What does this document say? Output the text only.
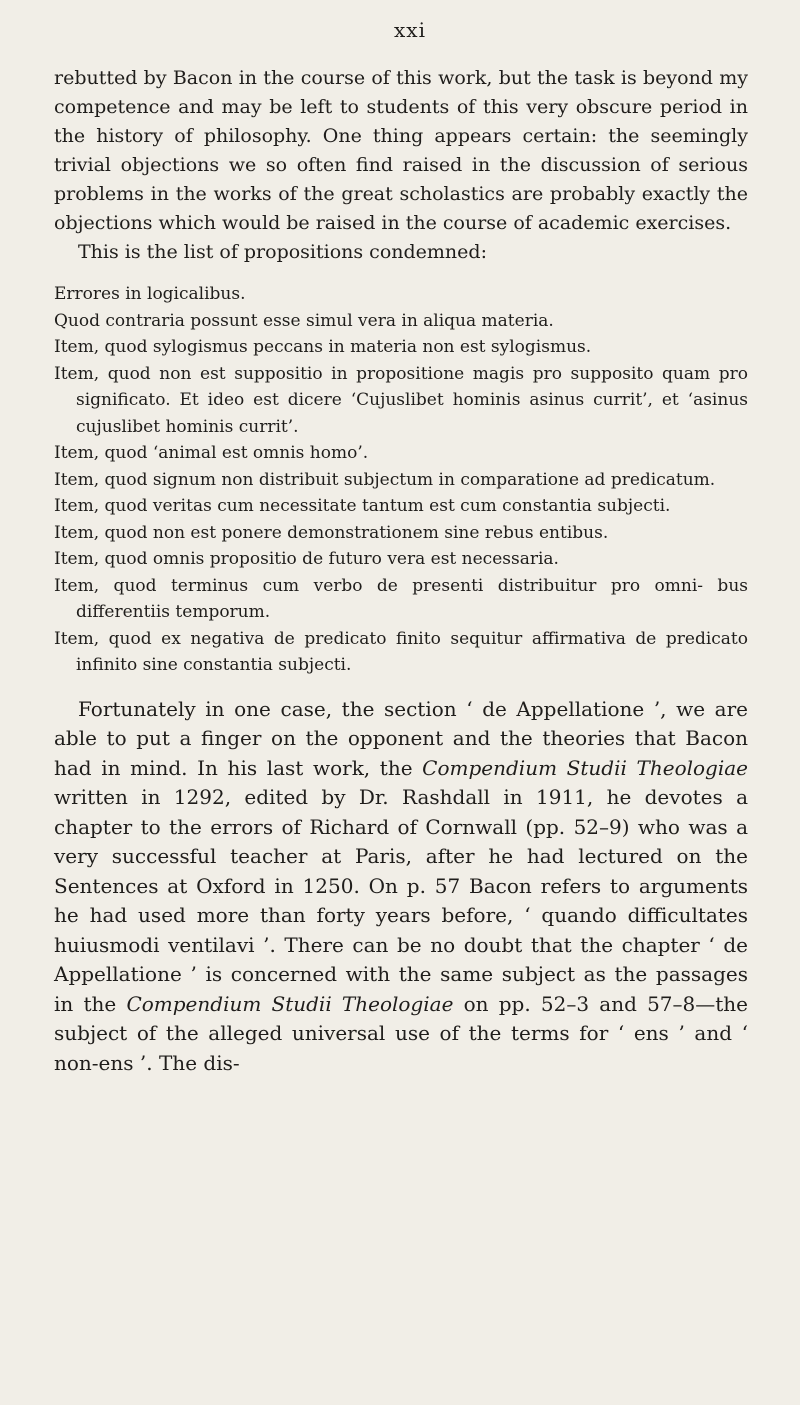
xxi

rebutted by Bacon in the course of this work, but the task is beyond my competence and may be left to students of this very obscure period in the history of philosophy. One thing appears certain: the seemingly trivial objections we so often find raised in the discussion of serious problems in the works of the great scholastics are probably exactly the objections which would be raised in the course of academic exercises.

This is the list of propositions condemned:

Errores in logicalibus.
Quod contraria possunt esse simul vera in aliqua materia.
Item, quod sylogismus peccans in materia non est sylogismus.
Item, quod non est suppositio in propositione magis pro supposito quam pro significato. Et ideo est dicere ‘Cujuslibet hominis asinus currit’, et ‘asinus cujuslibet hominis currit’.
Item, quod ‘animal est omnis homo’.
Item, quod signum non distribuit subjectum in comparatione ad predicatum.
Item, quod veritas cum necessitate tantum est cum constantia subjecti.
Item, quod non est ponere demonstrationem sine rebus entibus.
Item, quod omnis propositio de futuro vera est necessaria.
Item, quod terminus cum verbo de presenti distribuitur pro omni- bus differentiis temporum.
Item, quod ex negativa de predicato finito sequitur affirmativa de predicato infinito sine constantia subjecti.

Fortunately in one case, the section ‘ de Appellatione ’, we are able to put a finger on the opponent and the theories that Bacon had in mind. In his last work, the Compendium Studii Theologiae written in 1292, edited by Dr. Rashdall in 1911, he devotes a chapter to the errors of Richard of Cornwall (pp. 52–9) who was a very successful teacher at Paris, after he had lectured on the Sentences at Oxford in 1250. On p. 57 Bacon refers to arguments he had used more than forty years before, ‘ quando difficultates huiusmodi ventilavi ’. There can be no doubt that the chapter ‘ de Appellatione ’ is concerned with the same subject as the passages in the Compendium Studii Theologiae on pp. 52–3 and 57–8—the subject of the alleged universal use of the terms for ‘ ens ’ and ‘ non-ens ’. The dis-
